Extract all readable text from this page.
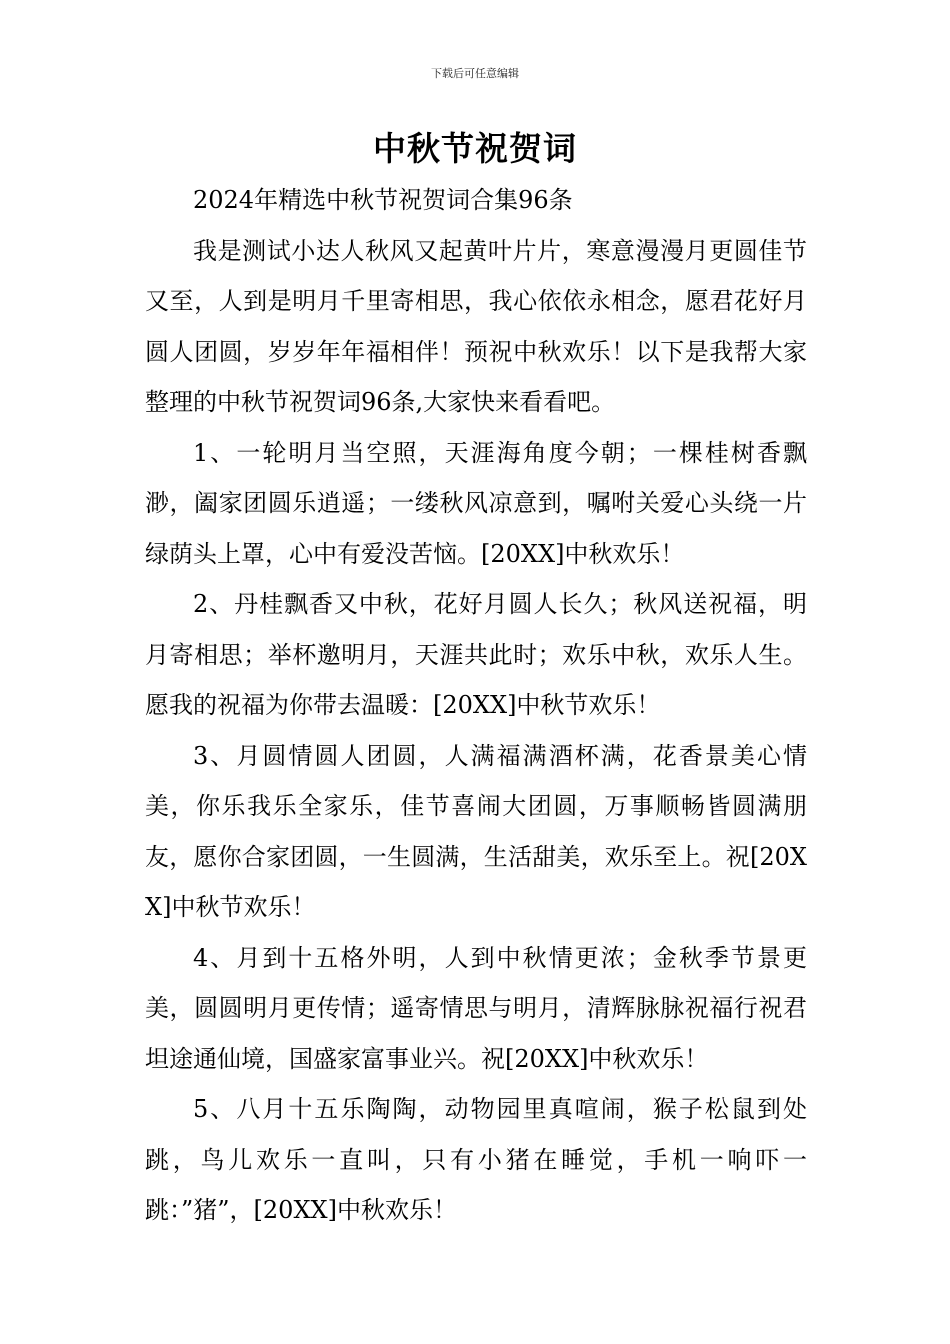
下载后可任意编辑
中秋节祝贺词

2024年精选中秋节祝贺词合集96条

我是测试小达人秋风又起黄叶片片，寒意漫漫月更圆佳节又至，人到是明月千里寄相思，我心依依永相念，愿君花好月圆人团圆，岁岁年年福相伴！预祝中秋欢乐！以下是我帮大家整理的中秋节祝贺词96条,大家快来看看吧。

1、一轮明月当空照，天涯海角度今朝；一棵桂树香飘渺，阖家团圆乐逍遥；一缕秋风凉意到，嘱咐关爱心头绕一片绿荫头上罩，心中有爱没苦恼。[20XX]中秋欢乐！

2、丹桂飘香又中秋，花好月圆人长久；秋风送祝福，明月寄相思；举杯邀明月，天涯共此时；欢乐中秋，欢乐人生。愿我的祝福为你带去温暖：[20XX]中秋节欢乐！

3、月圆情圆人团圆，人满福满酒杯满，花香景美心情美，你乐我乐全家乐，佳节喜闹大团圆，万事顺畅皆圆满朋友，愿你合家团圆，一生圆满，生活甜美，欢乐至上。祝[20XX]中秋节欢乐！

4、月到十五格外明，人到中秋情更浓；金秋季节景更美，圆圆明月更传情；遥寄情思与明月，清辉脉脉祝福行祝君坦途通仙境，国盛家富事业兴。祝[20XX]中秋欢乐！

5、八月十五乐陶陶，动物园里真喧闹，猴子松鼠到处跳，鸟儿欢乐一直叫，只有小猪在睡觉，手机一响吓一跳：”猪”，[20XX]中秋欢乐！
